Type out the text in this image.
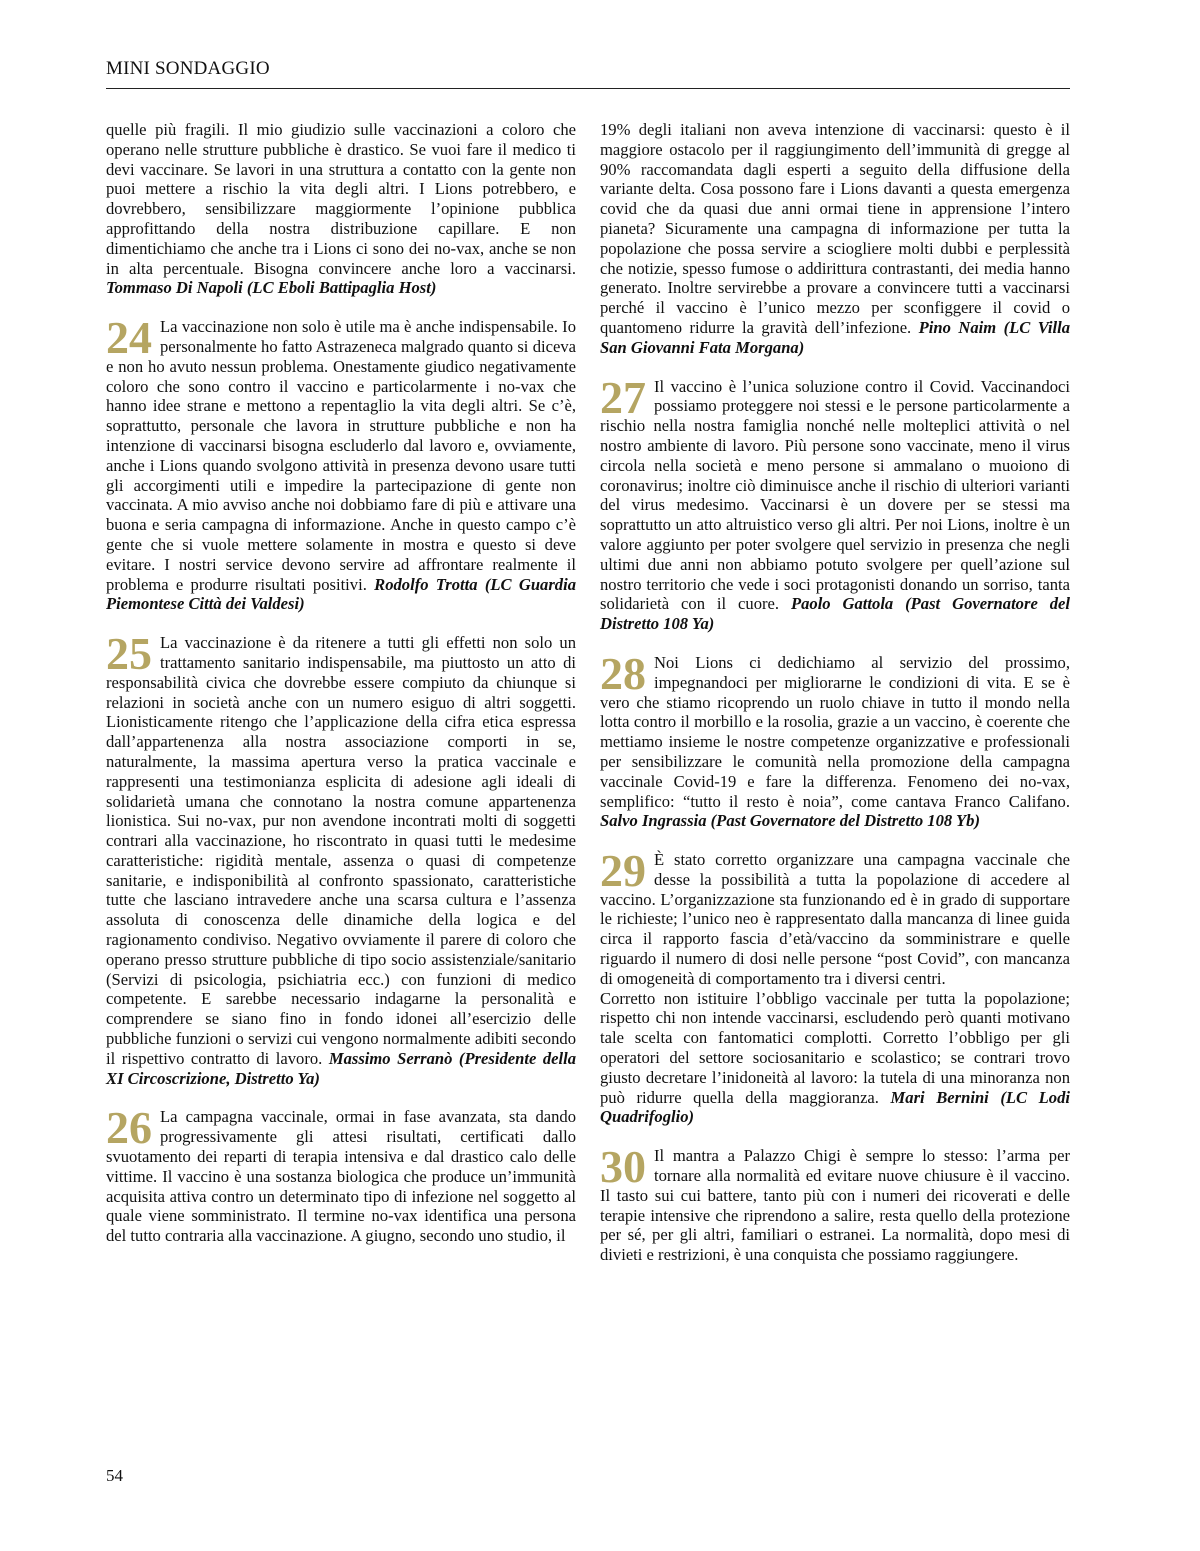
MINI SONDAGGIO

quelle più fragili. Il mio giudizio sulle vaccinazioni a coloro che operano nelle strutture pubbliche è drastico. Se vuoi fare il medico ti devi vaccinare. Se lavori in una struttura a contatto con la gente non puoi mettere a rischio la vita degli altri. I Lions potrebbero, e dovrebbero, sensibilizzare maggiormente l’opinione pubblica approfittando della nostra distribuzione capillare. E non dimentichiamo che anche tra i Lions ci sono dei no-vax, anche se non in alta percentuale. Bisogna convincere anche loro a vaccinarsi. Tommaso Di Napoli (LC Eboli Battipaglia Host)

24 La vaccinazione non solo è utile ma è anche indispensabile. Io personalmente ho fatto Astrazeneca malgrado quanto si diceva e non ho avuto nessun problema. Onestamente giudico negativamente coloro che sono contro il vaccino e particolarmente i no-vax che hanno idee strane e mettono a repentaglio la vita degli altri. Se c’è, soprattutto, personale che lavora in strutture pubbliche e non ha intenzione di vaccinarsi bisogna escluderlo dal lavoro e, ovviamente, anche i Lions quando svolgono attività in presenza devono usare tutti gli accorgimenti utili e impedire la partecipazione di gente non vaccinata. A mio avviso anche noi dobbiamo fare di più e attivare una buona e seria campagna di informazione. Anche in questo campo c’è gente che si vuole mettere solamente in mostra e questo si deve evitare. I nostri service devono servire ad affrontare realmente il problema e produrre risultati positivi. Rodolfo Trotta (LC Guardia Piemontese Città dei Valdesi)

25 La vaccinazione è da ritenere a tutti gli effetti non solo un trattamento sanitario indispensabile, ma piuttosto un atto di responsabilità civica che dovrebbe essere compiuto da chiunque si relazioni in società anche con un numero esiguo di altri soggetti. Lionisticamente ritengo che l’applicazione della cifra etica espressa dall’appartenenza alla nostra associazione comporti in se, naturalmente, la massima apertura verso la pratica vaccinale e rappresenti una testimonianza esplicita di adesione agli ideali di solidarietà umana che connotano la nostra comune appartenenza lionistica. Sui no-vax, pur non avendone incontrati molti di soggetti contrari alla vaccinazione, ho riscontrato in quasi tutti le medesime caratteristiche: rigidità mentale, assenza o quasi di competenze sanitarie, e indisponibilità al confronto spassionato, caratteristiche tutte che lasciano intravedere anche una scarsa cultura e l’assenza assoluta di conoscenza delle dinamiche della logica e del ragionamento condiviso. Negativo ovviamente il parere di coloro che operano presso strutture pubbliche di tipo socio assistenziale/sanitario (Servizi di psicologia, psichiatria ecc.) con funzioni di medico competente. E sarebbe necessario indagarne la personalità e comprendere se siano fino in fondo idonei all’esercizio delle pubbliche funzioni o servizi cui vengono normalmente adibiti secondo il rispettivo contratto di lavoro. Massimo Serranò (Presidente della XI Circoscrizione, Distretto Ya)

26 La campagna vaccinale, ormai in fase avanzata, sta dando progressivamente gli attesi risultati, certificati dallo svuotamento dei reparti di terapia intensiva e dal drastico calo delle vittime. Il vaccino è una sostanza biologica che produce un’immunità acquisita attiva contro un determinato tipo di infezione nel soggetto al quale viene somministrato. Il termine no-vax identifica una persona del tutto contraria alla vaccinazione. A giugno, secondo uno studio, il

19% degli italiani non aveva intenzione di vaccinarsi: questo è il maggiore ostacolo per il raggiungimento dell’immunità di gregge al 90% raccomandata dagli esperti a seguito della diffusione della variante delta. Cosa possono fare i Lions davanti a questa emergenza covid che da quasi due anni ormai tiene in apprensione l’intero pianeta? Sicuramente una campagna di informazione per tutta la popolazione che possa servire a sciogliere molti dubbi e perplessità che notizie, spesso fumose o addirittura contrastanti, dei media hanno generato. Inoltre servirebbe a provare a convincere tutti a vaccinarsi perché il vaccino è l’unico mezzo per sconfiggere il covid o quantomeno ridurre la gravità dell’infezione. Pino Naim (LC Villa San Giovanni Fata Morgana)

27 Il vaccino è l’unica soluzione contro il Covid. Vaccinandoci possiamo proteggere noi stessi e le persone particolarmente a rischio nella nostra famiglia nonché nelle molteplici attività o nel nostro ambiente di lavoro. Più persone sono vaccinate, meno il virus circola nella società e meno persone si ammalano o muoiono di coronavirus; inoltre ciò diminuisce anche il rischio di ulteriori varianti del virus medesimo. Vaccinarsi è un dovere per se stessi ma soprattutto un atto altruistico verso gli altri. Per noi Lions, inoltre è un valore aggiunto per poter svolgere quel servizio in presenza che negli ultimi due anni non abbiamo potuto svolgere per quell’azione sul nostro territorio che vede i soci protagonisti donando un sorriso, tanta solidarietà con il cuore. Paolo Gattola (Past Governatore del Distretto 108 Ya)

28 Noi Lions ci dedichiamo al servizio del prossimo, impegnandoci per migliorarne le condizioni di vita. E se è vero che stiamo ricoprendo un ruolo chiave in tutto il mondo nella lotta contro il morbillo e la rosolia, grazie a un vaccino, è coerente che mettiamo insieme le nostre competenze organizzative e professionali per sensibilizzare le comunità nella promozione della campagna vaccinale Covid-19 e fare la differenza. Fenomeno dei no-vax, semplifico: “tutto il resto è noia”, come cantava Franco Califano. Salvo Ingrassia (Past Governatore del Distretto 108 Yb)

29 È stato corretto organizzare una campagna vaccinale che desse la possibilità a tutta la popolazione di accedere al vaccino. L’organizzazione sta funzionando ed è in grado di supportare le richieste; l’unico neo è rappresentato dalla mancanza di linee guida circa il rapporto fascia d’età/vaccino da somministrare e quelle riguardo il numero di dosi nelle persone “post Covid”, con mancanza di omogeneità di comportamento tra i diversi centri.

Corretto non istituire l’obbligo vaccinale per tutta la popolazione; rispetto chi non intende vaccinarsi, escludendo però quanti motivano tale scelta con fantomatici complotti. Corretto l’obbligo per gli operatori del settore sociosanitario e scolastico; se contrari trovo giusto decretare l’inidoneità al lavoro: la tutela di una minoranza non può ridurre quella della maggioranza. Mari Bernini (LC Lodi Quadrifoglio)

30 Il mantra a Palazzo Chigi è sempre lo stesso: l’arma per tornare alla normalità ed evitare nuove chiusure è il vaccino. Il tasto sui cui battere, tanto più con i numeri dei ricoverati e delle terapie intensive che riprendono a salire, resta quello della protezione per sé, per gli altri, familiari o estranei. La normalità, dopo mesi di divieti e restrizioni, è una conquista che possiamo raggiungere.

54
